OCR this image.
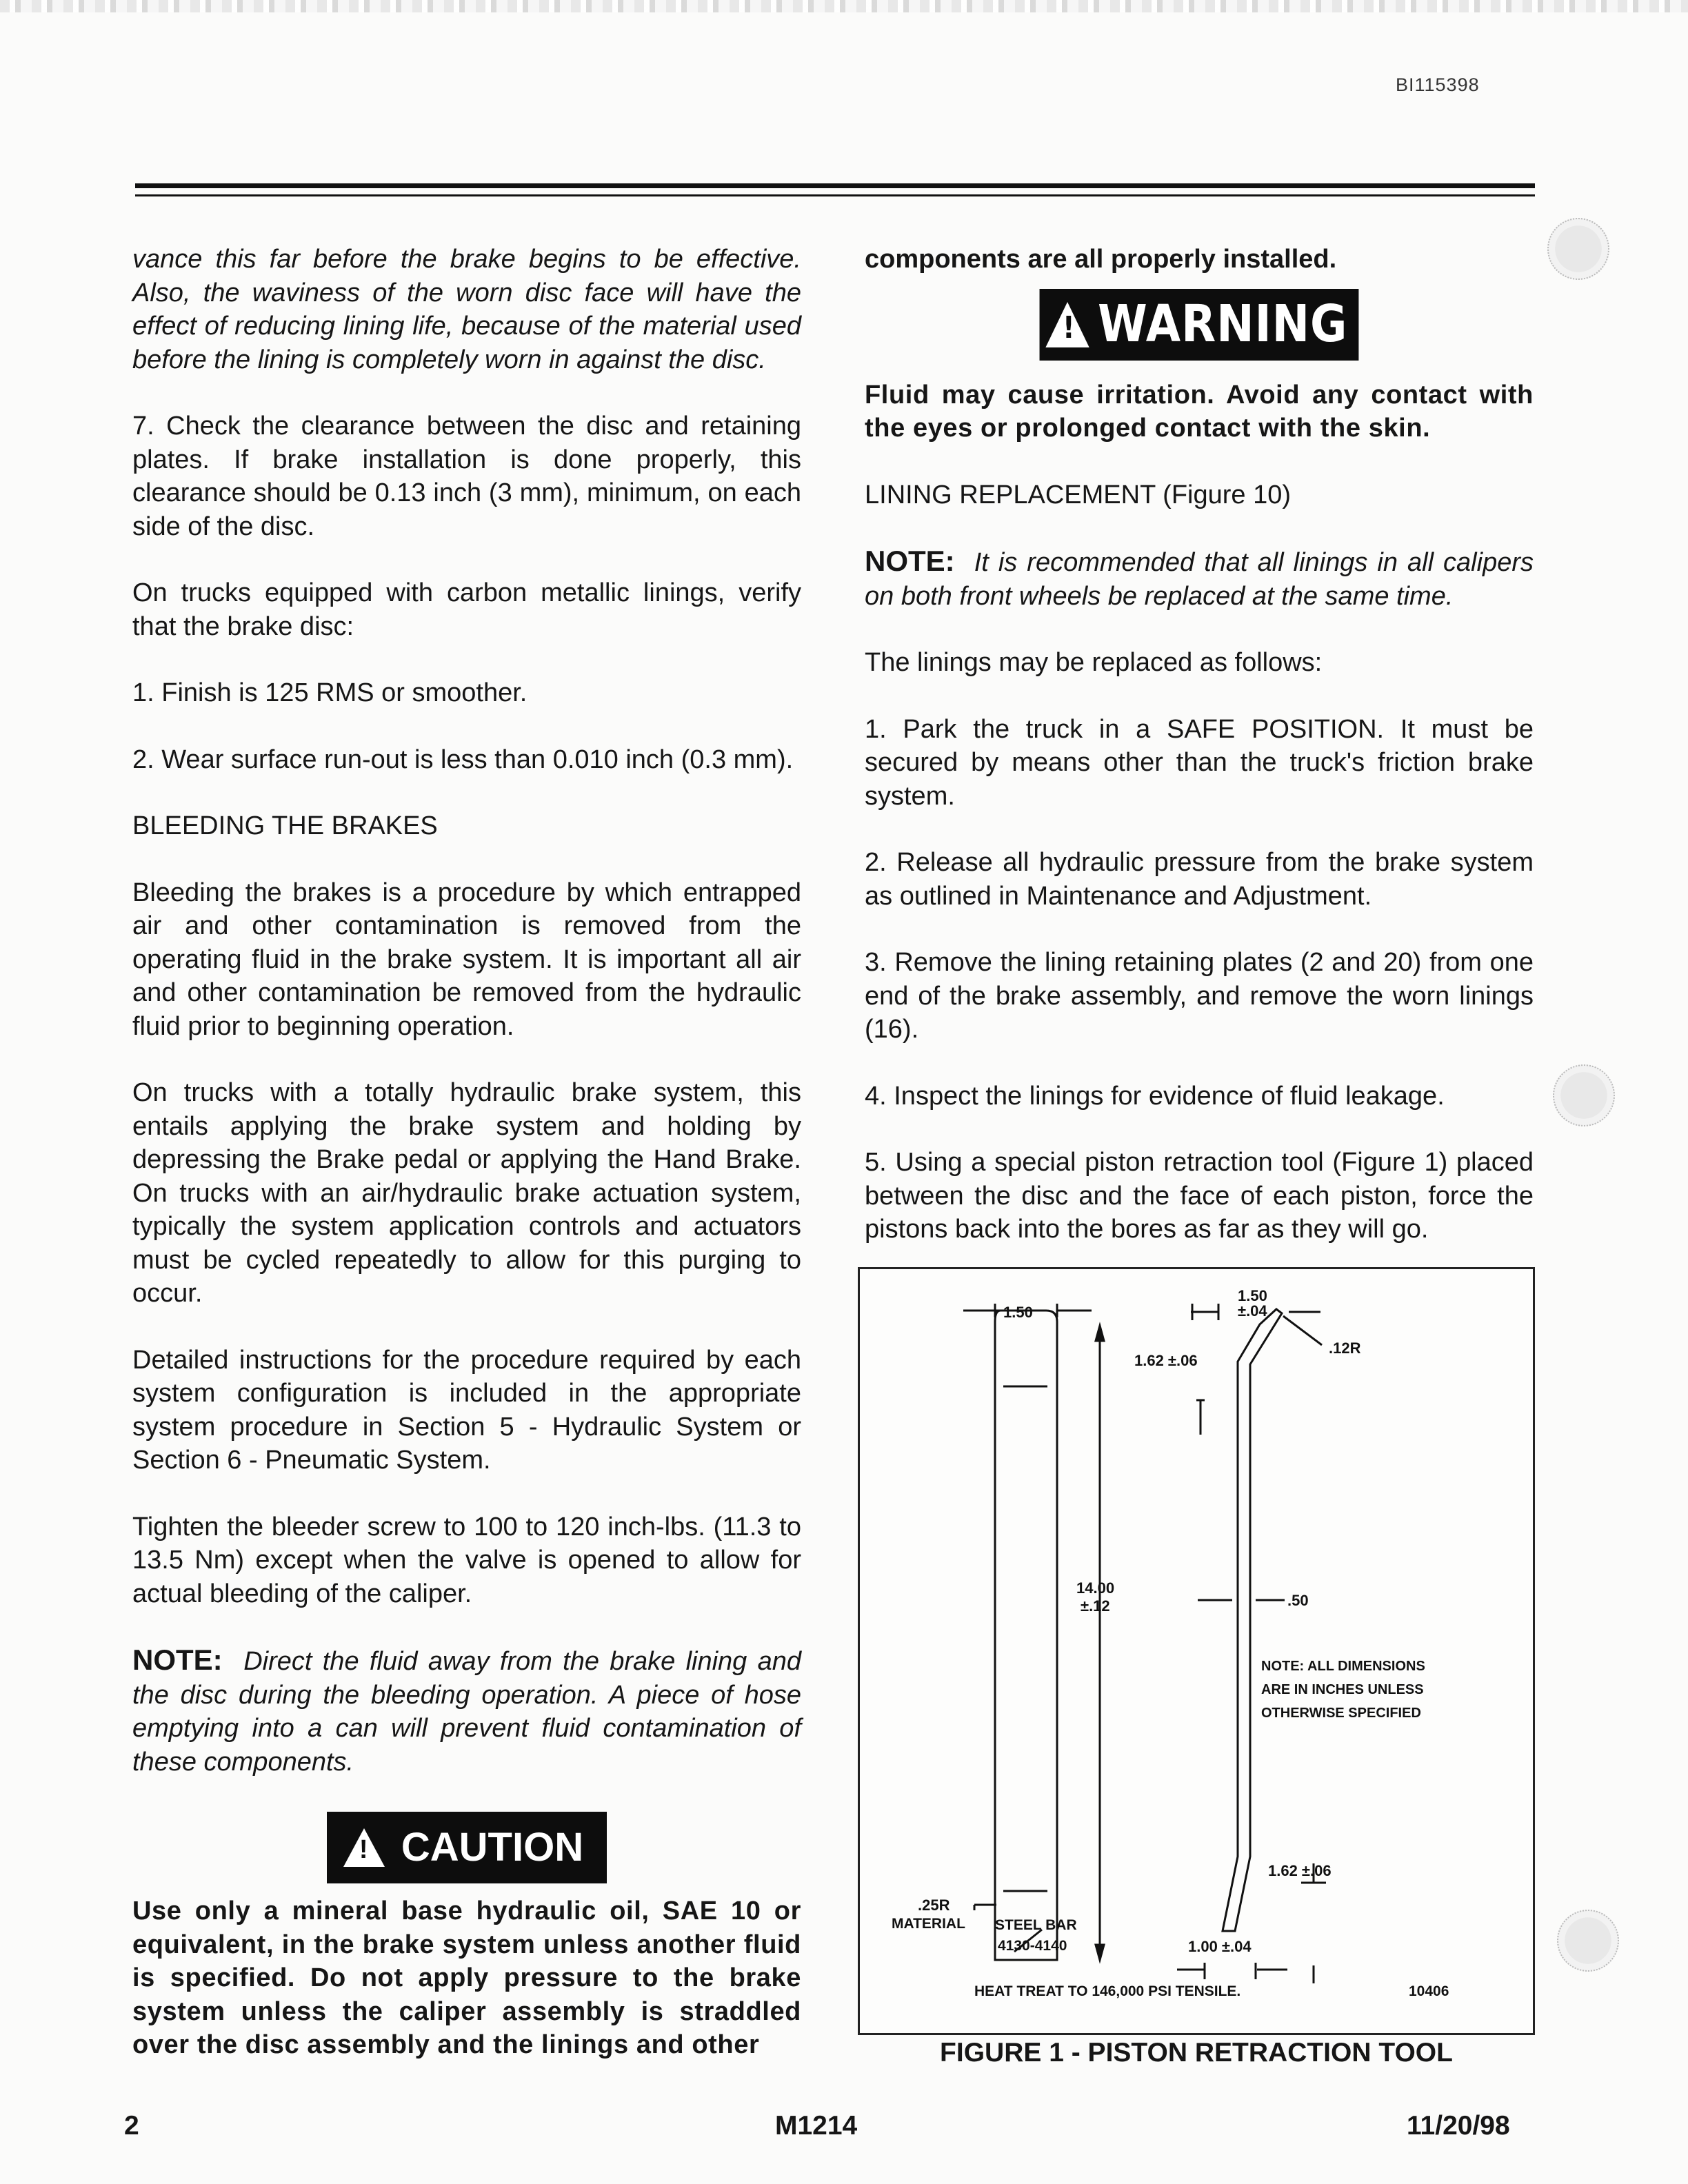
BI115398

vance this far before the brake begins to be effective. Also, the waviness of the worn disc face will have the effect of reducing lining life, because of the material used before the lining is completely worn in against the disc.

7. Check the clearance between the disc and retaining plates. If brake installation is done properly, this clearance should be 0.13 inch (3 mm), minimum, on each side of the disc.

On trucks equipped with carbon metallic linings, verify that the brake disc:

1. Finish is 125 RMS or smoother.

2. Wear surface run-out is less than 0.010 inch (0.3 mm).

BLEEDING THE BRAKES

Bleeding the brakes is a procedure by which entrapped air and other contamination is removed from the operating fluid in the brake system. It is important all air and other contamination be removed from the hydraulic fluid prior to beginning operation.

On trucks with a totally hydraulic brake system, this entails applying the brake system and holding by depressing the Brake pedal or applying the Hand Brake. On trucks with an air/hydraulic brake actuation system, typically the system application controls and actuators must be cycled repeatedly to allow for this purging to occur.

Detailed instructions for the procedure required by each system configuration is included in the appropriate system procedure in Section 5 - Hydraulic System or Section 6 - Pneumatic System.

Tighten the bleeder screw to 100 to 120 inch-lbs. (11.3 to 13.5 Nm) except when the valve is opened to allow for actual bleeding of the caliper.

NOTE: Direct the fluid away from the brake lining and the disc during the bleeding operation. A piece of hose emptying into a can will prevent fluid contamination of these components.

!
CAUTION

Use only a mineral base hydraulic oil, SAE 10 or equivalent, in the brake system unless another fluid is specified. Do not apply pressure to the brake system unless the caliper assembly is straddled over the disc assembly and the linings and other

components are all properly installed.

!
WARNING

Fluid may cause irritation. Avoid any contact with the eyes or prolonged contact with the skin.

LINING REPLACEMENT (Figure 10)

NOTE: It is recommended that all linings in all calipers on both front wheels be replaced at the same time.

The linings may be replaced as follows:

1. Park the truck in a SAFE POSITION. It must be secured by means other than the truck's friction brake system.

2. Release all hydraulic pressure from the brake system as outlined in Maintenance and Adjustment.

3. Remove the lining retaining plates (2 and 20) from one end of the brake assembly, and remove the worn linings (16).

4. Inspect the linings for evidence of fluid leakage.

5. Using a special piston retraction tool (Figure 1) placed between the disc and the face of each piston, force the pistons back into the bores as far as they will go.

1.50
1.50
±.04
.12R
1.62 ±.06
14.00
±.12	.50
NOTE: ALL DIMENSIONS
ARE IN INCHES UNLESS
OTHERWISE SPECIFIED
1.62 ±.06
.25R
MATERIAL STEEL BAR
4130-4140	1.00 ±.04
HEAT TREAT TO 146,000 PSI TENSILE.	10406
FIGURE 1 - PISTON RETRACTION TOOL
2	M1214	11/20/98
